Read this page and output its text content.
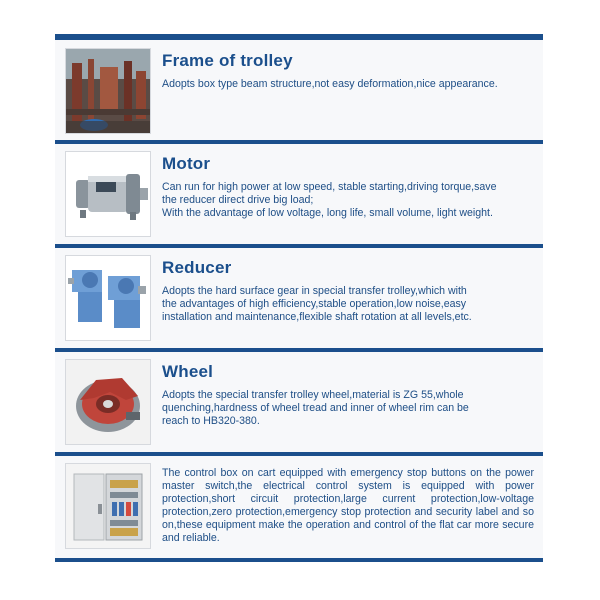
Frame of trolley

Adopts box type beam structure,not easy deformation,nice appearance.

Motor

Can run for high power at low speed, stable starting,driving torque,save
the reducer direct drive big load;
With the advantage of low voltage, long life, small volume, light weight.

Reducer

Adopts the hard surface gear in special transfer trolley,which with
the advantages of high efficiency,stable operation,low noise,easy
installation and maintenance,flexible shaft rotation at all levels,etc.

Wheel

Adopts the special transfer trolley wheel,material is ZG 55,whole
quenching,hardness of wheel tread and inner of wheel rim can be
reach to HB320-380.

The control box on cart equipped with emergency stop buttons on the power master switch,the electrical control system is equipped with power protection,short circuit protection,large current protection,low-voltage protection,zero protection,emergency stop protection and security label and so on,these equipment make the operation and control of the flat car more secure and reliable.
